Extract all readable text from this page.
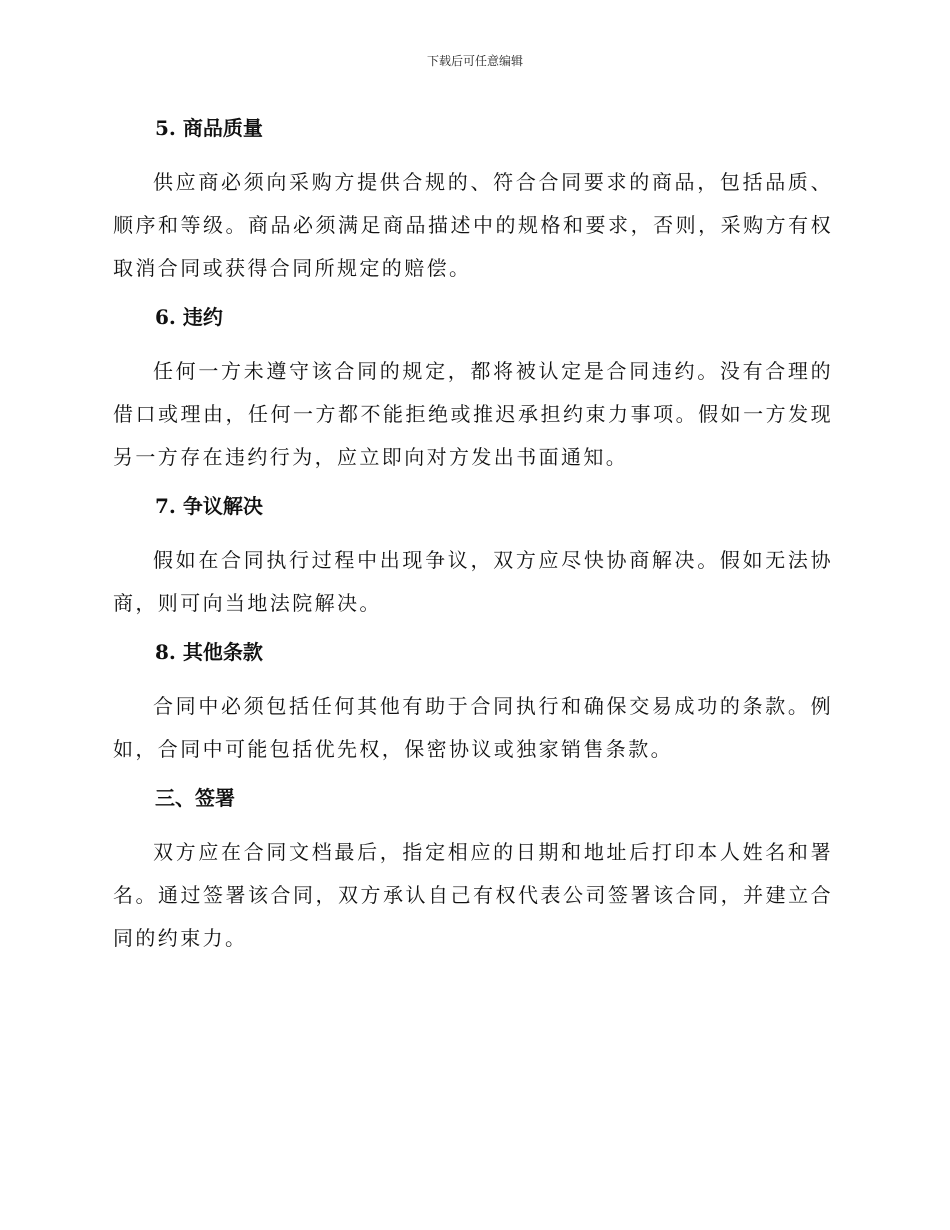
下载后可任意编辑
5. 商品质量

供应商必须向采购方提供合规的、符合合同要求的商品，包括品质、顺序和等级。商品必须满足商品描述中的规格和要求，否则，采购方有权取消合同或获得合同所规定的赔偿。

6. 违约

任何一方未遵守该合同的规定，都将被认定是合同违约。没有合理的借口或理由，任何一方都不能拒绝或推迟承担约束力事项。假如一方发现另一方存在违约行为，应立即向对方发出书面通知。

7. 争议解决

假如在合同执行过程中出现争议，双方应尽快协商解决。假如无法协商，则可向当地法院解决。

8. 其他条款

合同中必须包括任何其他有助于合同执行和确保交易成功的条款。例如，合同中可能包括优先权，保密协议或独家销售条款。

三、签署

双方应在合同文档最后，指定相应的日期和地址后打印本人姓名和署名。通过签署该合同，双方承认自己有权代表公司签署该合同，并建立合同的约束力。
